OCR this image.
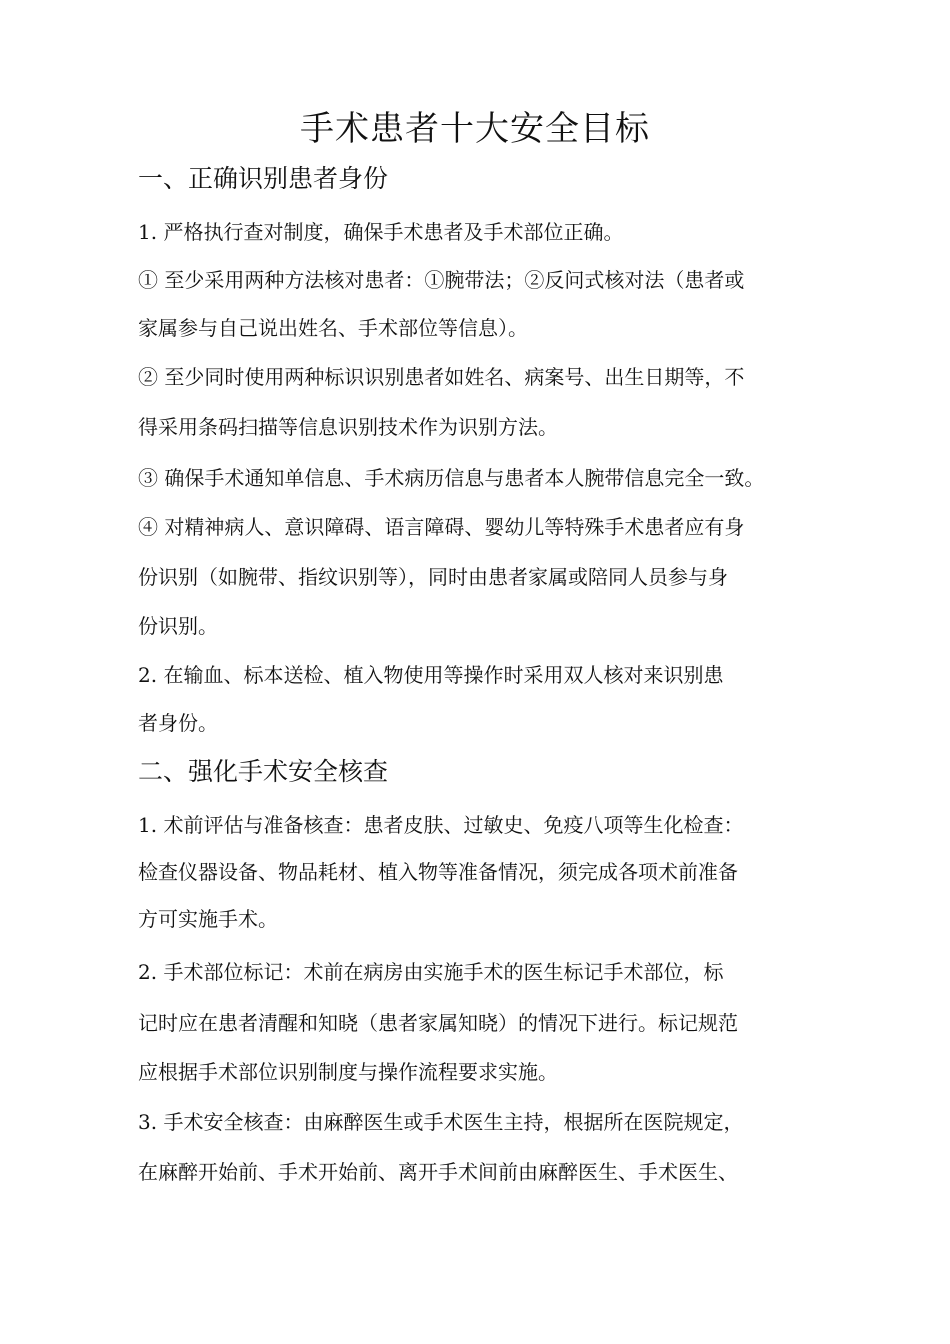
手术患者十大安全目标
一、正确识别患者身份
1. 严格执行查对制度，确保手术患者及手术部位正确。
① 至少采用两种方法核对患者：①腕带法；②反问式核对法（患者或
家属参与自己说出姓名、手术部位等信息）。
② 至少同时使用两种标识识别患者如姓名、病案号、出生日期等，不
得采用条码扫描等信息识别技术作为识别方法。
③ 确保手术通知单信息、手术病历信息与患者本人腕带信息完全一致。
④ 对精神病人、意识障碍、语言障碍、婴幼儿等特殊手术患者应有身
份识别（如腕带、指纹识别等），同时由患者家属或陪同人员参与身
份识别。
2. 在输血、标本送检、植入物使用等操作时采用双人核对来识别患
者身份。
二、强化手术安全核查
1. 术前评估与准备核查：患者皮肤、过敏史、免疫八项等生化检查：
检查仪器设备、物品耗材、植入物等准备情况，须完成各项术前准备
方可实施手术。
2. 手术部位标记：术前在病房由实施手术的医生标记手术部位，标
记时应在患者清醒和知晓（患者家属知晓）的情况下进行。标记规范
应根据手术部位识别制度与操作流程要求实施。
3. 手术安全核查：由麻醉医生或手术医生主持，根据所在医院规定，
在麻醉开始前、手术开始前、离开手术间前由麻醉医生、手术医生、
